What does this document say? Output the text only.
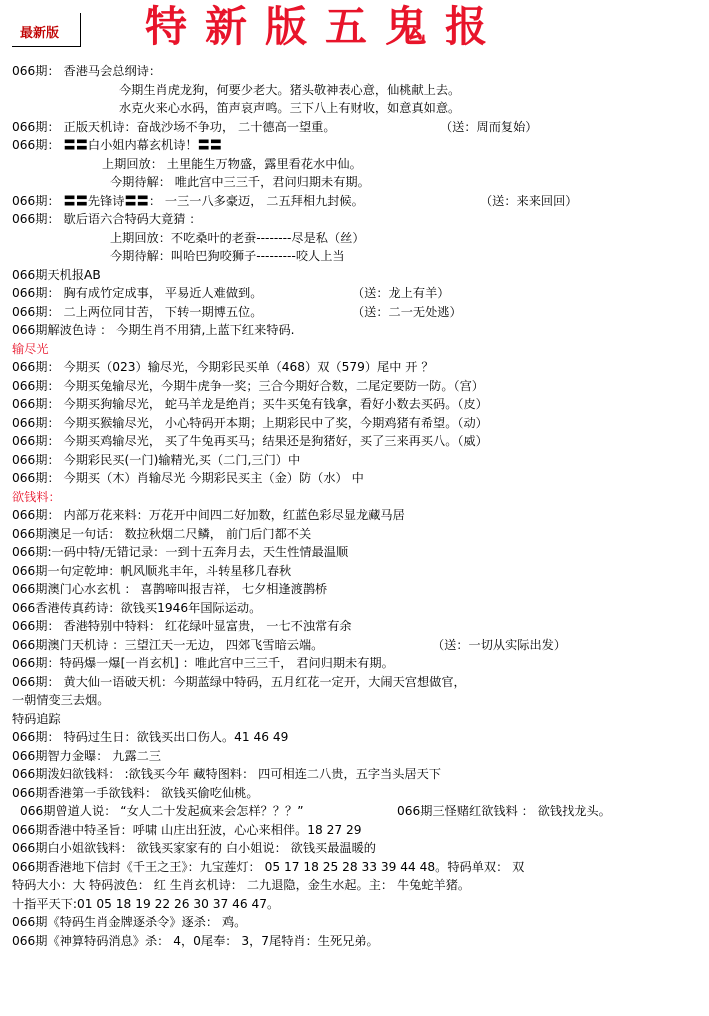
最新版 特新版五鬼报
066期： 香港马会总纲诗：
今期生肖虎龙狗，何要少老大。猪头敬神表心意，仙桃献上去。
水克火来心水码，笛声哀声鸣。三下八上有财收，如意真如意。
066期： 正版天机诗：奋战沙场不争功， 二十德高一望重。	（送：周而复始）
066期： 〓〓白小姐内幕玄机诗！〓〓
上期回放： 土里能生万物盛，露里看花水中仙。
今期待解： 唯此宫中三三千，君问归期未有期。
066期： 〓〓先锋诗〓〓： 一三一八多豪迈， 二五拜相九封候。	（送：来来回回）
066期： 歇后语六合特码大竟猜 ：
上期回放：不吃桑叶的老蚕--------尽是私（丝）
今期待解：叫哈巴狗咬狮子---------咬人上当
066期天机报AB
066期： 胸有成竹定成事， 平易近人难做到。	（送：龙上有羊）
066期： 二上两位同甘苦， 下转一期博五位。	（送：二一无处逃）
066期解波色诗 ： 今期生肖不用猜,上蓝下红来特码.
输尽光
066期： 今期买（023）输尽光，今期彩民买单（468）双（579）尾中 开 ？
066期： 今期买兔输尽光，今期牛虎争一奖；三合今期好合数，二尾定要防一防。（宫）
066期： 今期买狗输尽光， 蛇马羊龙是绝肖；买牛买兔有钱拿，看好小数去买码。（皮）
066期： 今期买猴输尽光， 小心特码开本期；上期彩民中了奖，今期鸡猪有希望。（动）
066期： 今期买鸡输尽光， 买了牛兔再买马；结果还是狗猪好，买了三来再买八。（威）
066期： 今期彩民买(一门)输精光,买（二门,三门）中
066期： 今期买（木）肖输尽光 今期彩民买主（金）防（水） 中
欲钱料：
066期： 内部万花来料：万花开中间四二好加数，红蓝色彩尽显龙藏马居
066期澳足一句话： 数拉秋烟二尺鳞， 前门后门都不关
066期:一码中特/无错记录：一到十五奔月去，天生性情最温顺
066期一句定乾坤：帆风顺兆丰年，斗转星移几春秋
066期澳门心水玄机 ： 喜鹊啼叫报吉祥， 七夕相逢渡鹊桥
066香港传真药诗：欲钱买1946年国际运动。
066期： 香港特别中特料： 红花绿叶显富贵， 一七不浊常有余
066期澳门天机诗 ：三望江天一无边， 四郊飞雪暗云端。	（送：一切从实际出发）
066期：特码爆一爆[一肖玄机] ：唯此宫中三三千， 君问归期未有期。
066期： 黄大仙一语破天机：今期蓝绿中特码，五月红花一定开，大闹天宫想做官，
一朝情变三去烟。
特码追踪
066期： 特码过生日：欲钱买出口伤人。41 46 49
066期智力金曝： 九露二三
066期泼妇欲钱料： :欲钱买今年 藏特图料： 四可相连二八贵，五字当头居天下
066期香港第一手欲钱料： 欲钱买偷吃仙桃。
066期曾道人说： “女人二十发起疯来会怎样？？？”	066期三怪赌红欲钱料 ： 欲钱找龙头。
066期香港中特圣旨：呼啸 山庄出狂波，心心来相伴。18 27 29
066期白小姐欲钱料： 欲钱买家家有的 白小姐说： 欲钱买最温暖的
066期香港地下信封《千王之王》：九宝莲灯： 05 17 18 25 28 33 39 44 48。特码单双： 双
特码大小：大 特码波色： 红 生肖玄机诗： 二九退隐，金生水起。主： 牛兔蛇羊猪。
十指平天下:01 05 18 19 22 26 30 37 46 47。
066期《特码生肖金牌逐杀令》逐杀： 鸡。
066期《神算特码消息》杀： 4，0尾奉： 3，7尾特肖：生死兄弟。
